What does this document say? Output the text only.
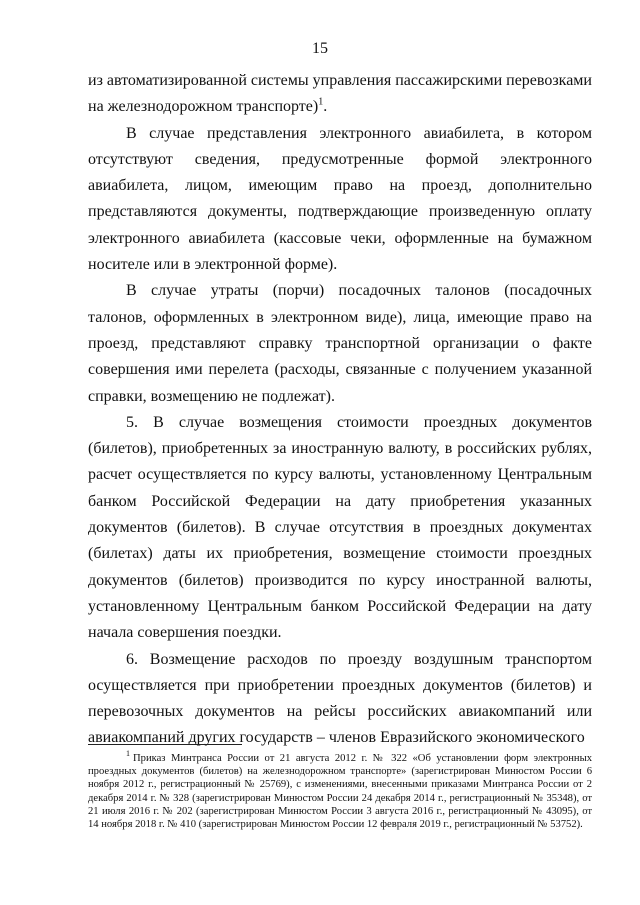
15

из автоматизированной системы управления пассажирскими перевозками на железнодорожном транспорте)$^1$.

В случае представления электронного авиабилета, в котором отсутствуют сведения, предусмотренные формой электронного авиабилета, лицом, имеющим право на проезд, дополнительно представляются документы, подтверждающие произведенную оплату электронного авиабилета (кассовые чеки, оформленные на бумажном носителе или в электронной форме).

В случае утраты (порчи) посадочных талонов (посадочных талонов, оформленных в электронном виде), лица, имеющие право на проезд, представляют справку транспортной организации о факте совершения ими перелета (расходы, связанные с получением указанной справки, возмещению не подлежат).

5. В случае возмещения стоимости проездных документов (билетов), приобретенных за иностранную валюту, в российских рублях, расчет осуществляется по курсу валюты, установленному Центральным банком Российской Федерации на дату приобретения указанных документов (билетов). В случае отсутствия в проездных документах (билетах) даты их приобретения, возмещение стоимости проездных документов (билетов) производится по курсу иностранной валюты, установленному Центральным банком Российской Федерации на дату начала совершения поездки.

6. Возмещение расходов по проезду воздушным транспортом осуществляется при приобретении проездных документов (билетов) и перевозочных документов на рейсы российских авиакомпаний или авиакомпаний других государств – членов Евразийского экономического

$^1$ Приказ Минтранса России от 21 августа 2012 г. № 322 «Об установлении форм электронных проездных документов (билетов) на железнодорожном транспорте» (зарегистрирован Минюстом России 6 ноября 2012 г., регистрационный № 25769), с изменениями, внесенными приказами Минтранса России от 2 декабря 2014 г. № 328 (зарегистрирован Минюстом России 24 декабря 2014 г., регистрационный № 35348), от 21 июля 2016 г. № 202 (зарегистрирован Минюстом России 3 августа 2016 г., регистрационный № 43095), от 14 ноября 2018 г. № 410 (зарегистрирован Минюстом России 12 февраля 2019 г., регистрационный № 53752).
